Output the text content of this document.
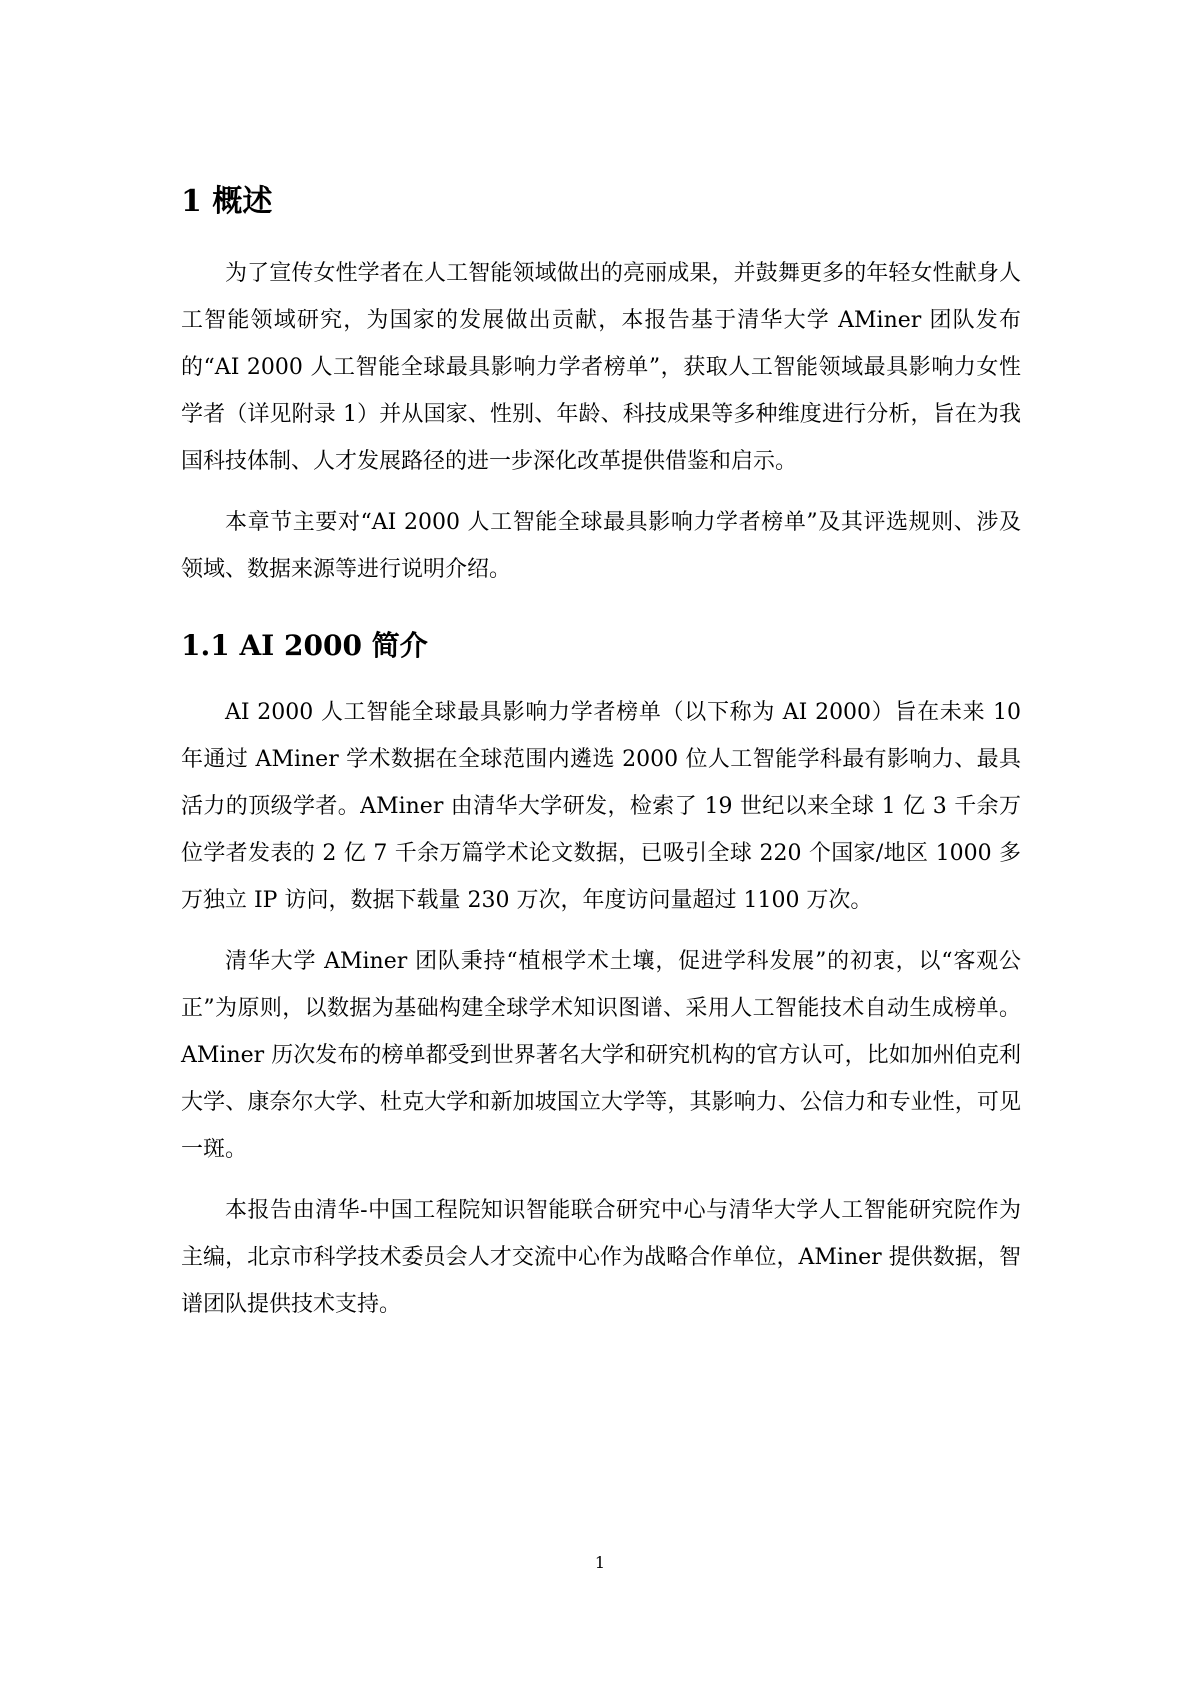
1 概述

为了宣传女性学者在人工智能领域做出的亮丽成果，并鼓舞更多的年轻女性献身人工智能领域研究，为国家的发展做出贡献，本报告基于清华大学 AMiner 团队发布的“AI 2000 人工智能全球最具影响力学者榜单”，获取人工智能领域最具影响力女性学者（详见附录 1）并从国家、性别、年龄、科技成果等多种维度进行分析，旨在为我国科技体制、人才发展路径的进一步深化改革提供借鉴和启示。

本章节主要对“AI 2000 人工智能全球最具影响力学者榜单”及其评选规则、涉及领域、数据来源等进行说明介绍。

1.1 AI 2000 简介

AI 2000 人工智能全球最具影响力学者榜单（以下称为 AI 2000）旨在未来 10 年通过 AMiner 学术数据在全球范围内遴选 2000 位人工智能学科最有影响力、最具活力的顶级学者。AMiner 由清华大学研发，检索了 19 世纪以来全球 1 亿 3 千余万位学者发表的 2 亿 7 千余万篇学术论文数据，已吸引全球 220 个国家/地区 1000 多万独立 IP 访问，数据下载量 230 万次，年度访问量超过 1100 万次。

清华大学 AMiner 团队秉持“植根学术土壤，促进学科发展”的初衷，以“客观公正”为原则，以数据为基础构建全球学术知识图谱、采用人工智能技术自动生成榜单。AMiner 历次发布的榜单都受到世界著名大学和研究机构的官方认可，比如加州伯克利大学、康奈尔大学、杜克大学和新加坡国立大学等，其影响力、公信力和专业性，可见一斑。

本报告由清华-中国工程院知识智能联合研究中心与清华大学人工智能研究院作为主编，北京市科学技术委员会人才交流中心作为战略合作单位，AMiner 提供数据，智谱团队提供技术支持。

1
